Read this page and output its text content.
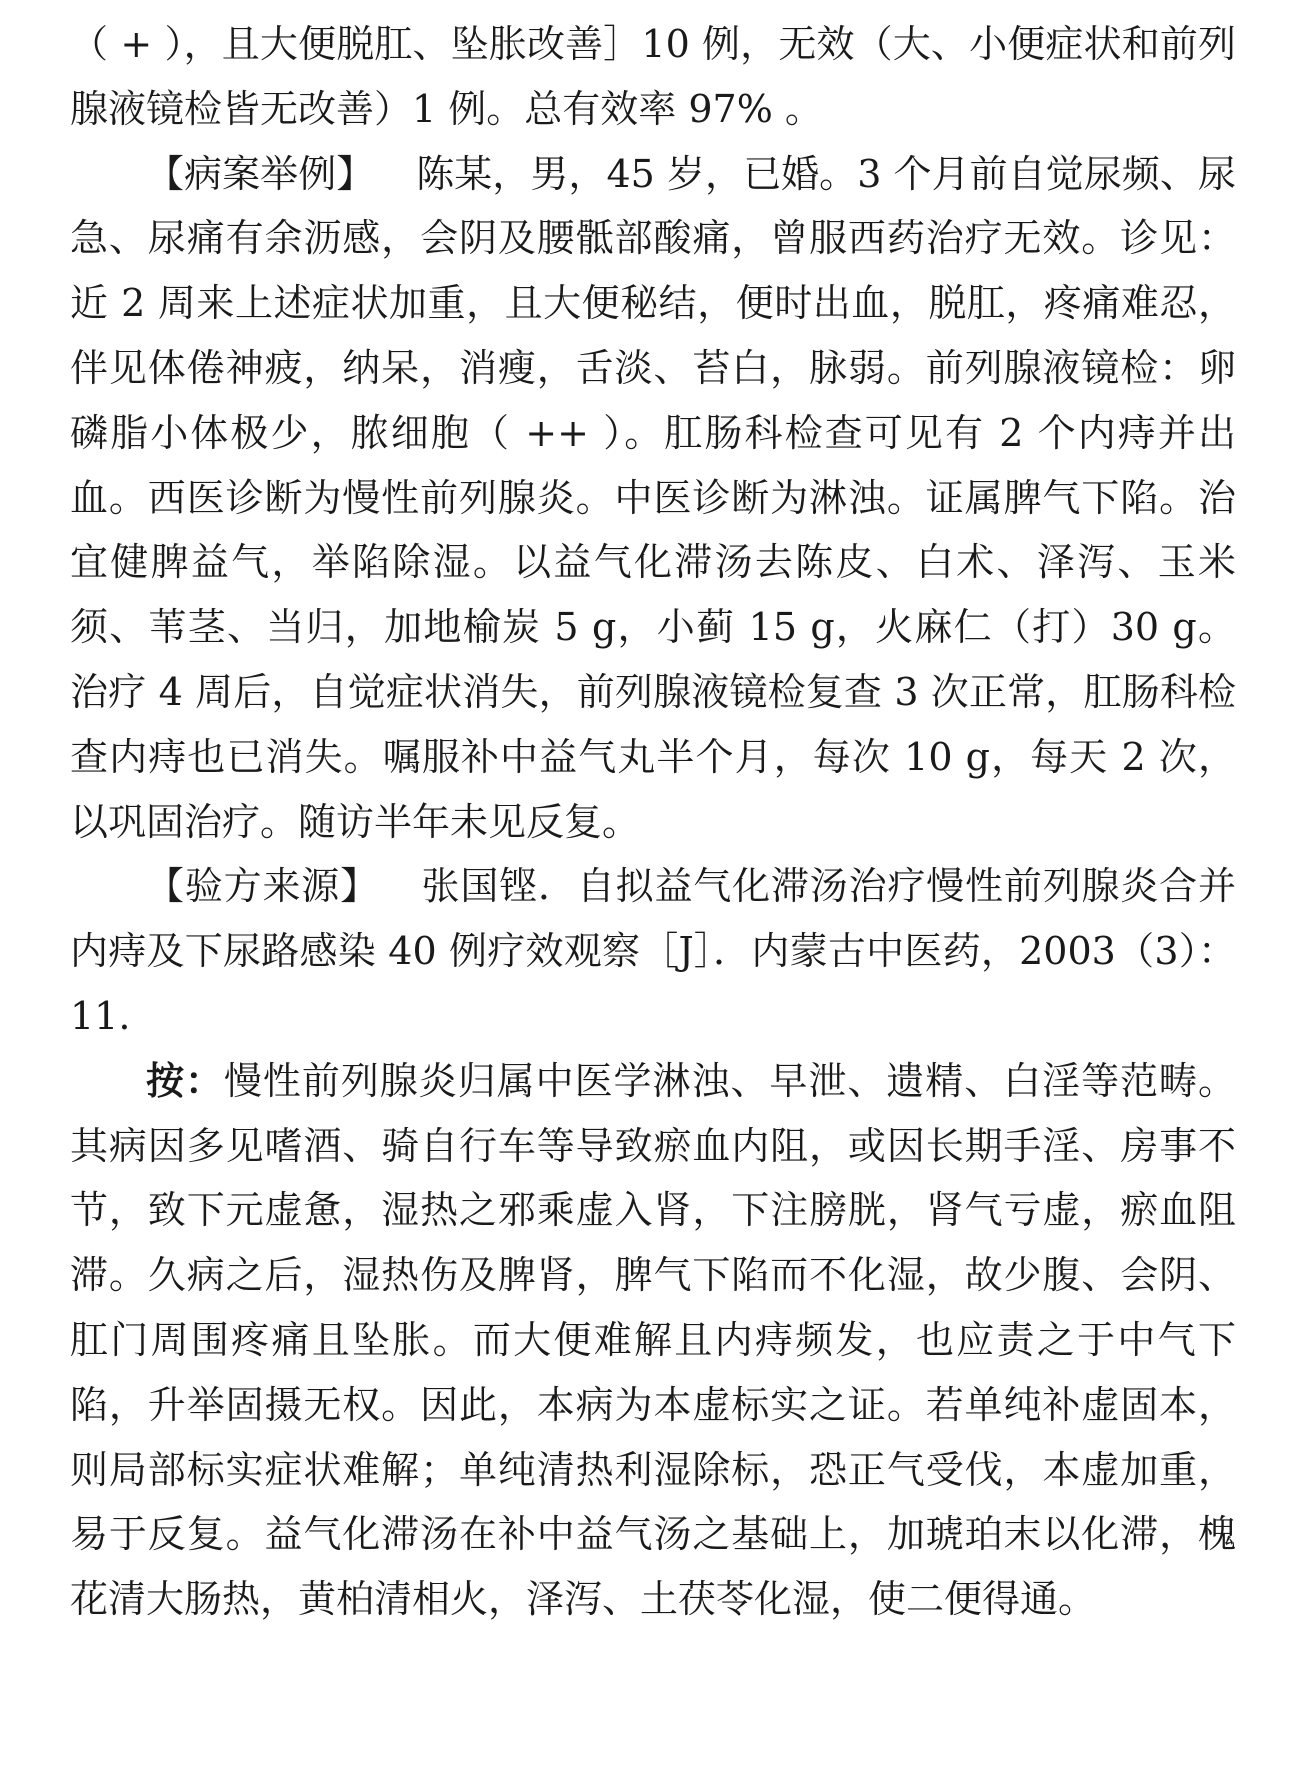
（ + ），且大便脱肛、坠胀改善］10 例，无效（大、小便症状和前列腺液镜检皆无改善）1 例。总有效率 97% 。

【病案举例】 陈某，男，45 岁，已婚。3 个月前自觉尿频、尿急、尿痛有余沥感，会阴及腰骶部酸痛，曾服西药治疗无效。诊见：近 2 周来上述症状加重，且大便秘结，便时出血，脱肛，疼痛难忍，伴见体倦神疲，纳呆，消瘦，舌淡、苔白，脉弱。前列腺液镜检：卵磷脂小体极少，脓细胞（ ++ ）。肛肠科检查可见有 2 个内痔并出血。西医诊断为慢性前列腺炎。中医诊断为淋浊。证属脾气下陷。治宜健脾益气，举陷除湿。以益气化滞汤去陈皮、白术、泽泻、玉米须、苇茎、当归，加地榆炭 5 g，小蓟 15 g，火麻仁（打）30 g。治疗 4 周后，自觉症状消失，前列腺液镜检复查 3 次正常，肛肠科检查内痔也已消失。嘱服补中益气丸半个月，每次 10 g，每天 2 次，以巩固治疗。随访半年未见反复。

【验方来源】 张国铿．自拟益气化滞汤治疗慢性前列腺炎合并内痔及下尿路感染 40 例疗效观察［J］．内蒙古中医药，2003（3）：11.

按：慢性前列腺炎归属中医学淋浊、早泄、遗精、白淫等范畴。其病因多见嗜酒、骑自行车等导致瘀血内阻，或因长期手淫、房事不节，致下元虚惫，湿热之邪乘虚入肾，下注膀胱，肾气亏虚，瘀血阻滞。久病之后，湿热伤及脾肾，脾气下陷而不化湿，故少腹、会阴、肛门周围疼痛且坠胀。而大便难解且内痔频发，也应责之于中气下陷，升举固摄无权。因此，本病为本虚标实之证。若单纯补虚固本，则局部标实症状难解；单纯清热利湿除标，恐正气受伐，本虚加重，易于反复。益气化滞汤在补中益气汤之基础上，加琥珀末以化滞，槐花清大肠热，黄柏清相火，泽泻、土茯苓化湿，使二便得通。
